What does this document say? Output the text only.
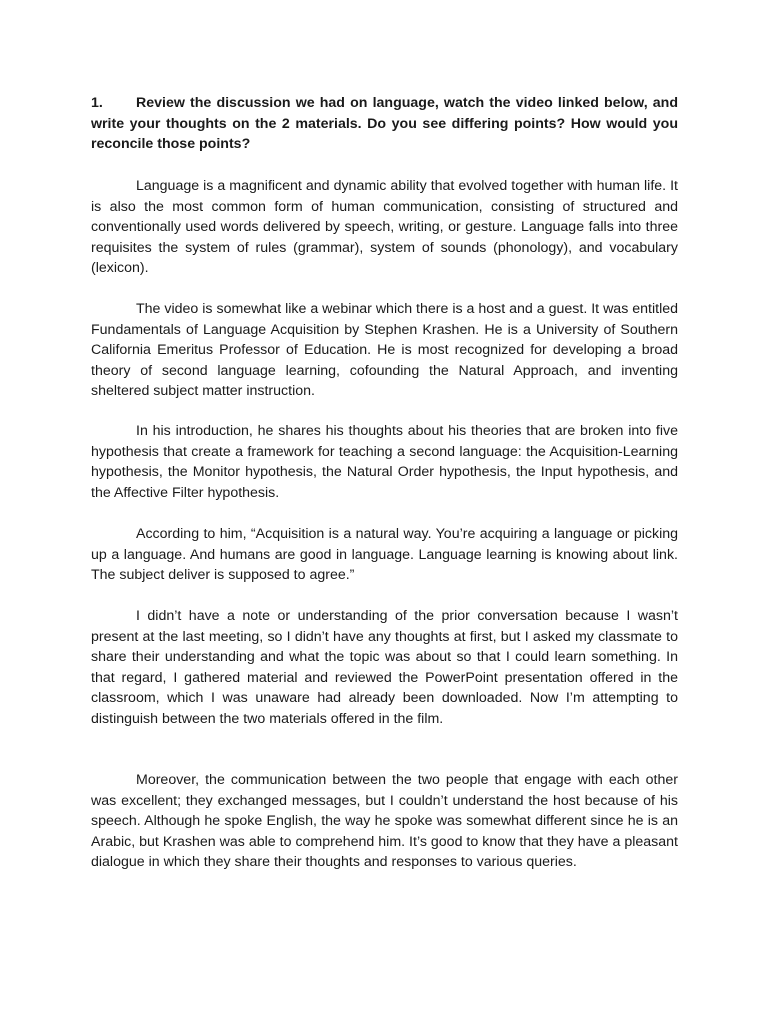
1. Review the discussion we had on language, watch the video linked below, and write your thoughts on the 2 materials. Do you see differing points? How would you reconcile those points?

Language is a magnificent and dynamic ability that evolved together with human life. It is also the most common form of human communication, consisting of structured and conventionally used words delivered by speech, writing, or gesture. Language falls into three requisites the system of rules (grammar), system of sounds (phonology), and vocabulary (lexicon).

The video is somewhat like a webinar which there is a host and a guest. It was entitled Fundamentals of Language Acquisition by Stephen Krashen. He is a University of Southern California Emeritus Professor of Education. He is most recognized for developing a broad theory of second language learning, cofounding the Natural Approach, and inventing sheltered subject matter instruction.

In his introduction, he shares his thoughts about his theories that are broken into five hypothesis that create a framework for teaching a second language: the Acquisition-Learning hypothesis, the Monitor hypothesis, the Natural Order hypothesis, the Input hypothesis, and the Affective Filter hypothesis.

According to him, “Acquisition is a natural way. You’re acquiring a language or picking up a language. And humans are good in language. Language learning is knowing about link. The subject deliver is supposed to agree.”

I didn’t have a note or understanding of the prior conversation because I wasn’t present at the last meeting, so I didn’t have any thoughts at first, but I asked my classmate to share their understanding and what the topic was about so that I could learn something. In that regard, I gathered material and reviewed the PowerPoint presentation offered in the classroom, which I was unaware had already been downloaded. Now I’m attempting to distinguish between the two materials offered in the film.

Moreover, the communication between the two people that engage with each other was excellent; they exchanged messages, but I couldn’t understand the host because of his speech. Although he spoke English, the way he spoke was somewhat different since he is an Arabic, but Krashen was able to comprehend him. It’s good to know that they have a pleasant dialogue in which they share their thoughts and responses to various queries.
